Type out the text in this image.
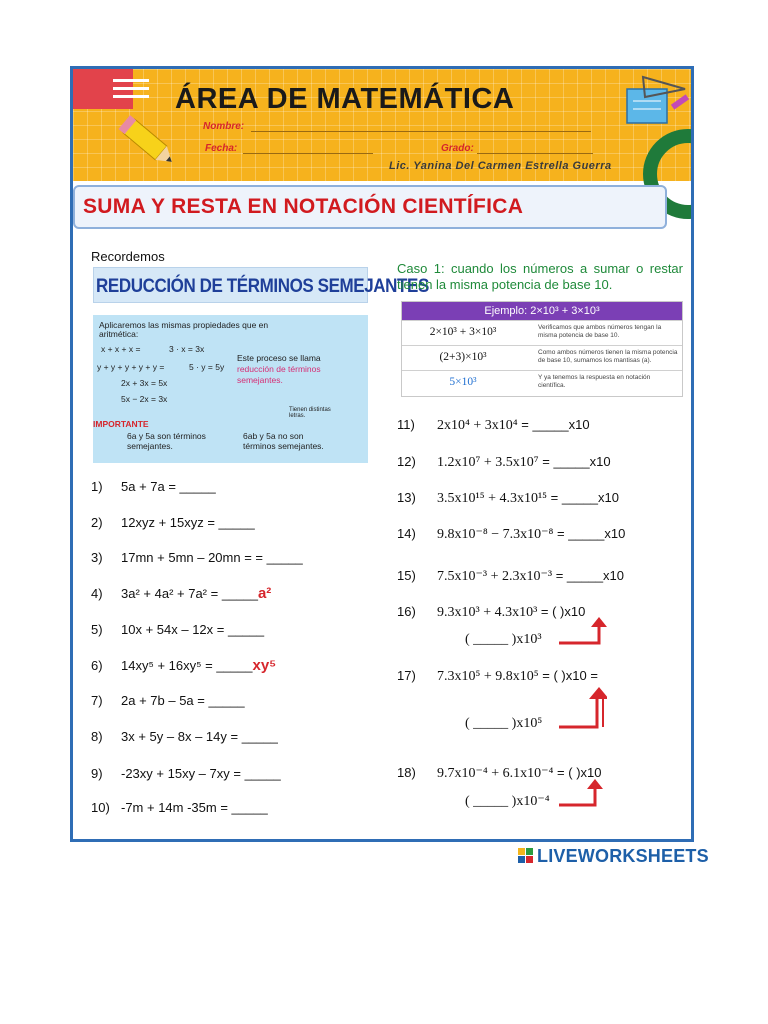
ÁREA DE MATEMÁTICA
Nombre:
Fecha:	Grado:
Lic. Yanina Del Carmen Estrella Guerra
SUMA Y RESTA EN NOTACIÓN CIENTÍFICA
Recordemos
REDUCCIÓN DE TÉRMINOS SEMEJANTES
Aplicaremos las mismas propiedades que en
aritmética:
x + x + x =	3 · x = 3x
y + y + y + y + y =	5 · y = 5y
2x + 3x = 5x
5x − 2x = 3x
Este proceso se llama
reducción de términos
semejantes.
IMPORTANTE
6a y 5a son términos
semejantes.
Tienen distintas
letras.
6ab y 5a no son
términos semejantes.
1) 5a + 7a = _____
2) 12xyz + 15xyz = _____
3) 17mn + 5mn – 20mn = = _____
4) 3a² + 4a² + 7a² = _____a²
5) 10x + 54x – 12x = _____
6) 14xy⁵ + 16xy⁵ = _____xy⁵
7) 2a + 7b – 5a = _____
8) 3x + 5y – 8x – 14y = _____
9) -23xy + 15xy – 7xy = _____
10) -7m + 14m -35m = _____
Caso 1: cuando los números a sumar o restar tienen la misma potencia de base 10.
Ejemplo: 2×10³ + 3×10³
2×10³ + 3×10³	Verificamos que ambos números tengan la misma potencia de base 10.
(2+3)×10³	Como ambos números tienen la misma potencia de base 10, sumamos los mantisas (a).
5×10³	Y ya tenemos la respuesta en notación científica.
11) 2x10⁴ + 3x10⁴ = _____x10
12) 1.2x10⁷ + 3.5x10⁷ = _____x10
13) 3.5x10¹⁵ + 4.3x10¹⁵ = _____x10
14) 9.8x10⁻⁸ − 7.3x10⁻⁸ = _____x10
15) 7.5x10⁻³ + 2.3x10⁻³ = _____x10
16) 9.3x10³ + 4.3x10³ = ( )x10
( _____ )x10³
17) 7.3x10⁵ + 9.8x10⁵ = ( )x10 =
( _____ )x10⁵
18) 9.7x10⁻⁴ + 6.1x10⁻⁴ = ( )x10
( _____ )x10⁻⁴
LIVEWORKSHEETS
